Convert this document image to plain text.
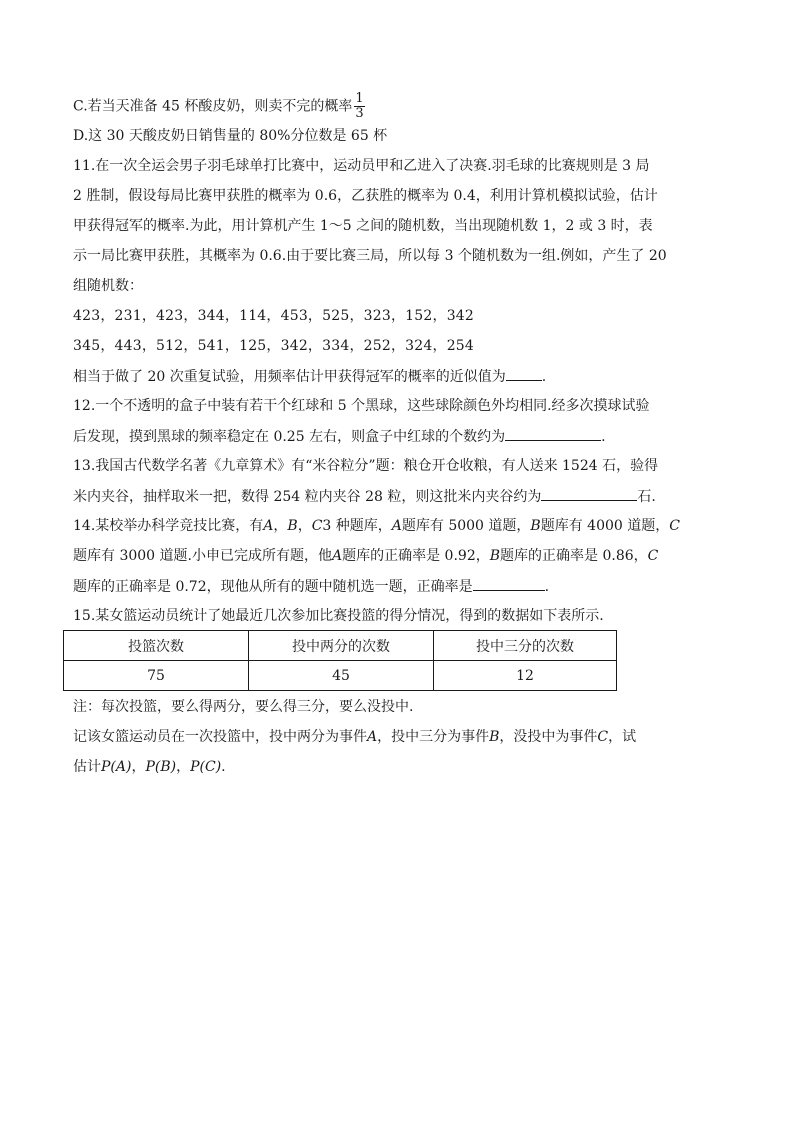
C.若当天准备 45 杯酸皮奶，则卖不完的概率 $\frac{1}{3}$
D.这 30 天酸皮奶日销售量的 80%分位数是 65 杯
11.在一次全运会男子羽毛球单打比赛中，运动员甲和乙进入了决赛.羽毛球的比赛规则是 3 局
2 胜制，假设每局比赛甲获胜的概率为 0.6，乙获胜的概率为 0.4，利用计算机模拟试验，估计
甲获得冠军的概率.为此，用计算机产生 1～5 之间的随机数，当出现随机数 1，2 或 3 时，表
示一局比赛甲获胜，其概率为 0.6.由于要比赛三局，所以每 3 个随机数为一组.例如，产生了 20
组随机数：
423，231，423，344，114，453，525，323，152，342
345，443，512，541，125，342，334，252，324，254
相当于做了 20 次重复试验，用频率估计甲获得冠军的概率的近似值为	.
12.一个不透明的盒子中装有若干个红球和 5 个黑球，这些球除颜色外均相同.经多次摸球试验
后发现，摸到黑球的频率稳定在 0.25 左右，则盒子中红球的个数约为	.
13.我国古代数学名著《九章算术》有“米谷粒分”题：粮仓开仓收粮，有人送来 1524 石，验得
米内夹谷，抽样取米一把，数得 254 粒内夹谷 28 粒，则这批米内夹谷约为	石.
14.某校举办科学竞技比赛，有A，B，C3 种题库，A题库有 5000 道题，B题库有 4000 道题，C
题库有 3000 道题.小申已完成所有题，他A题库的正确率是 0.92，B题库的正确率是 0.86，C
题库的正确率是 0.72，现他从所有的题中随机选一题，正确率是	.
15.某女篮运动员统计了她最近几次参加比赛投篮的得分情况，得到的数据如下表所示.
投篮次数	投中两分的次数	投中三分的次数
75	45	12
注：每次投篮，要么得两分，要么得三分，要么没投中.
记该女篮运动员在一次投篮中，投中两分为事件A，投中三分为事件B，没投中为事件C，试
估计P(A)，P(B)，P(C).
